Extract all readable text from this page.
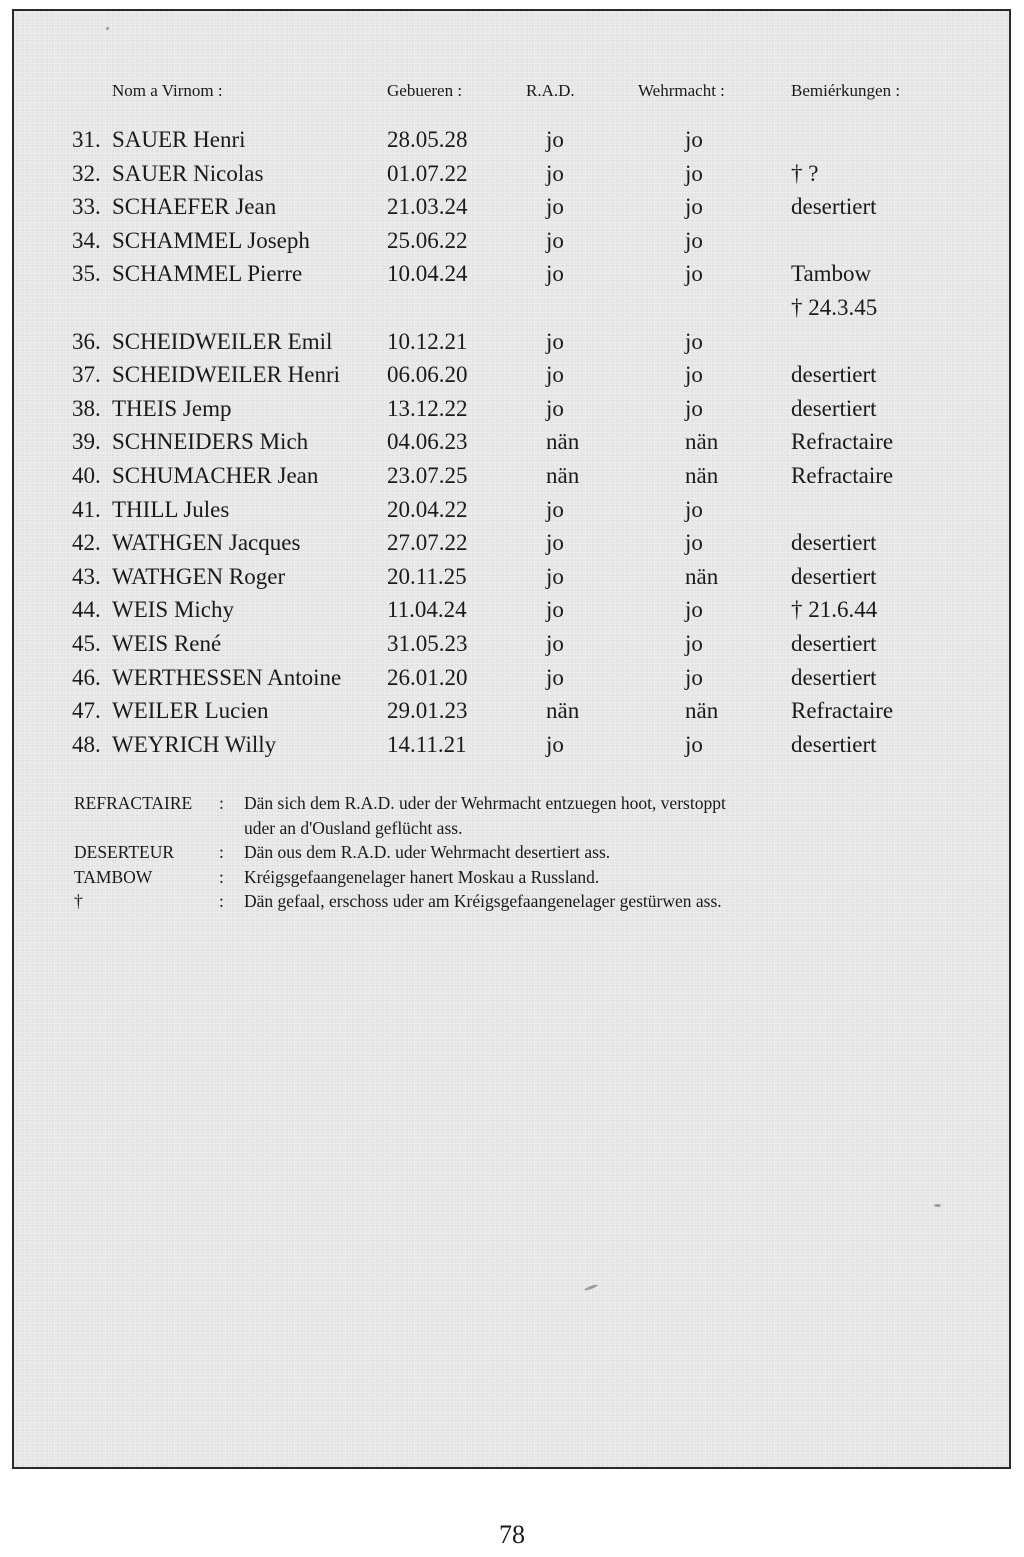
Nom a Virnom :	Gebueren :	R.A.D.	Wehrmacht :	Bemiérkungen :
31. SAUER Henri	28.05.28	jo	jo
32. SAUER Nicolas	01.07.22	jo	jo	† ?
33. SCHAEFER Jean	21.03.24	jo	jo	desertiert
34. SCHAMMEL Joseph	25.06.22	jo	jo
35. SCHAMMEL Pierre	10.04.24	jo	jo	Tambow
† 24.3.45
36. SCHEIDWEILER Emil 10.12.21	jo	jo
37. SCHEIDWEILER Henri 06.06.20	jo	jo	desertiert
38. THEIS Jemp	13.12.22	jo	jo	desertiert
39. SCHNEIDERS Mich	04.06.23	nän	nän	Refractaire
40. SCHUMACHER Jean	23.07.25	nän	nän	Refractaire
41. THILL Jules	20.04.22	jo	jo
42. WATHGEN Jacques	27.07.22	jo	jo	desertiert
43. WATHGEN Roger	20.11.25	jo	nän	desertiert
44. WEIS Michy	11.04.24	jo	jo	† 21.6.44
45. WEIS René	31.05.23	jo	jo	desertiert
46. WERTHESSEN Antoine 26.01.20	jo	jo	desertiert
47. WEILER Lucien	29.01.23	nän	nän	Refractaire
48. WEYRICH Willy	14.11.21	jo	jo	desertiert
REFRACTAIRE : Dän sich dem R.A.D. uder der Wehrmacht entzuegen hoot, verstoppt
uder an d'Ousland geflücht ass.
DESERTEUR	: Dän ous dem R.A.D. uder Wehrmacht desertiert ass.
TAMBOW	: Kréigsgefaangenelager hanert Moskau a Russland.
†	: Dän gefaal, erschoss uder am Kréigsgefaangenelager gestürwen ass.
78
